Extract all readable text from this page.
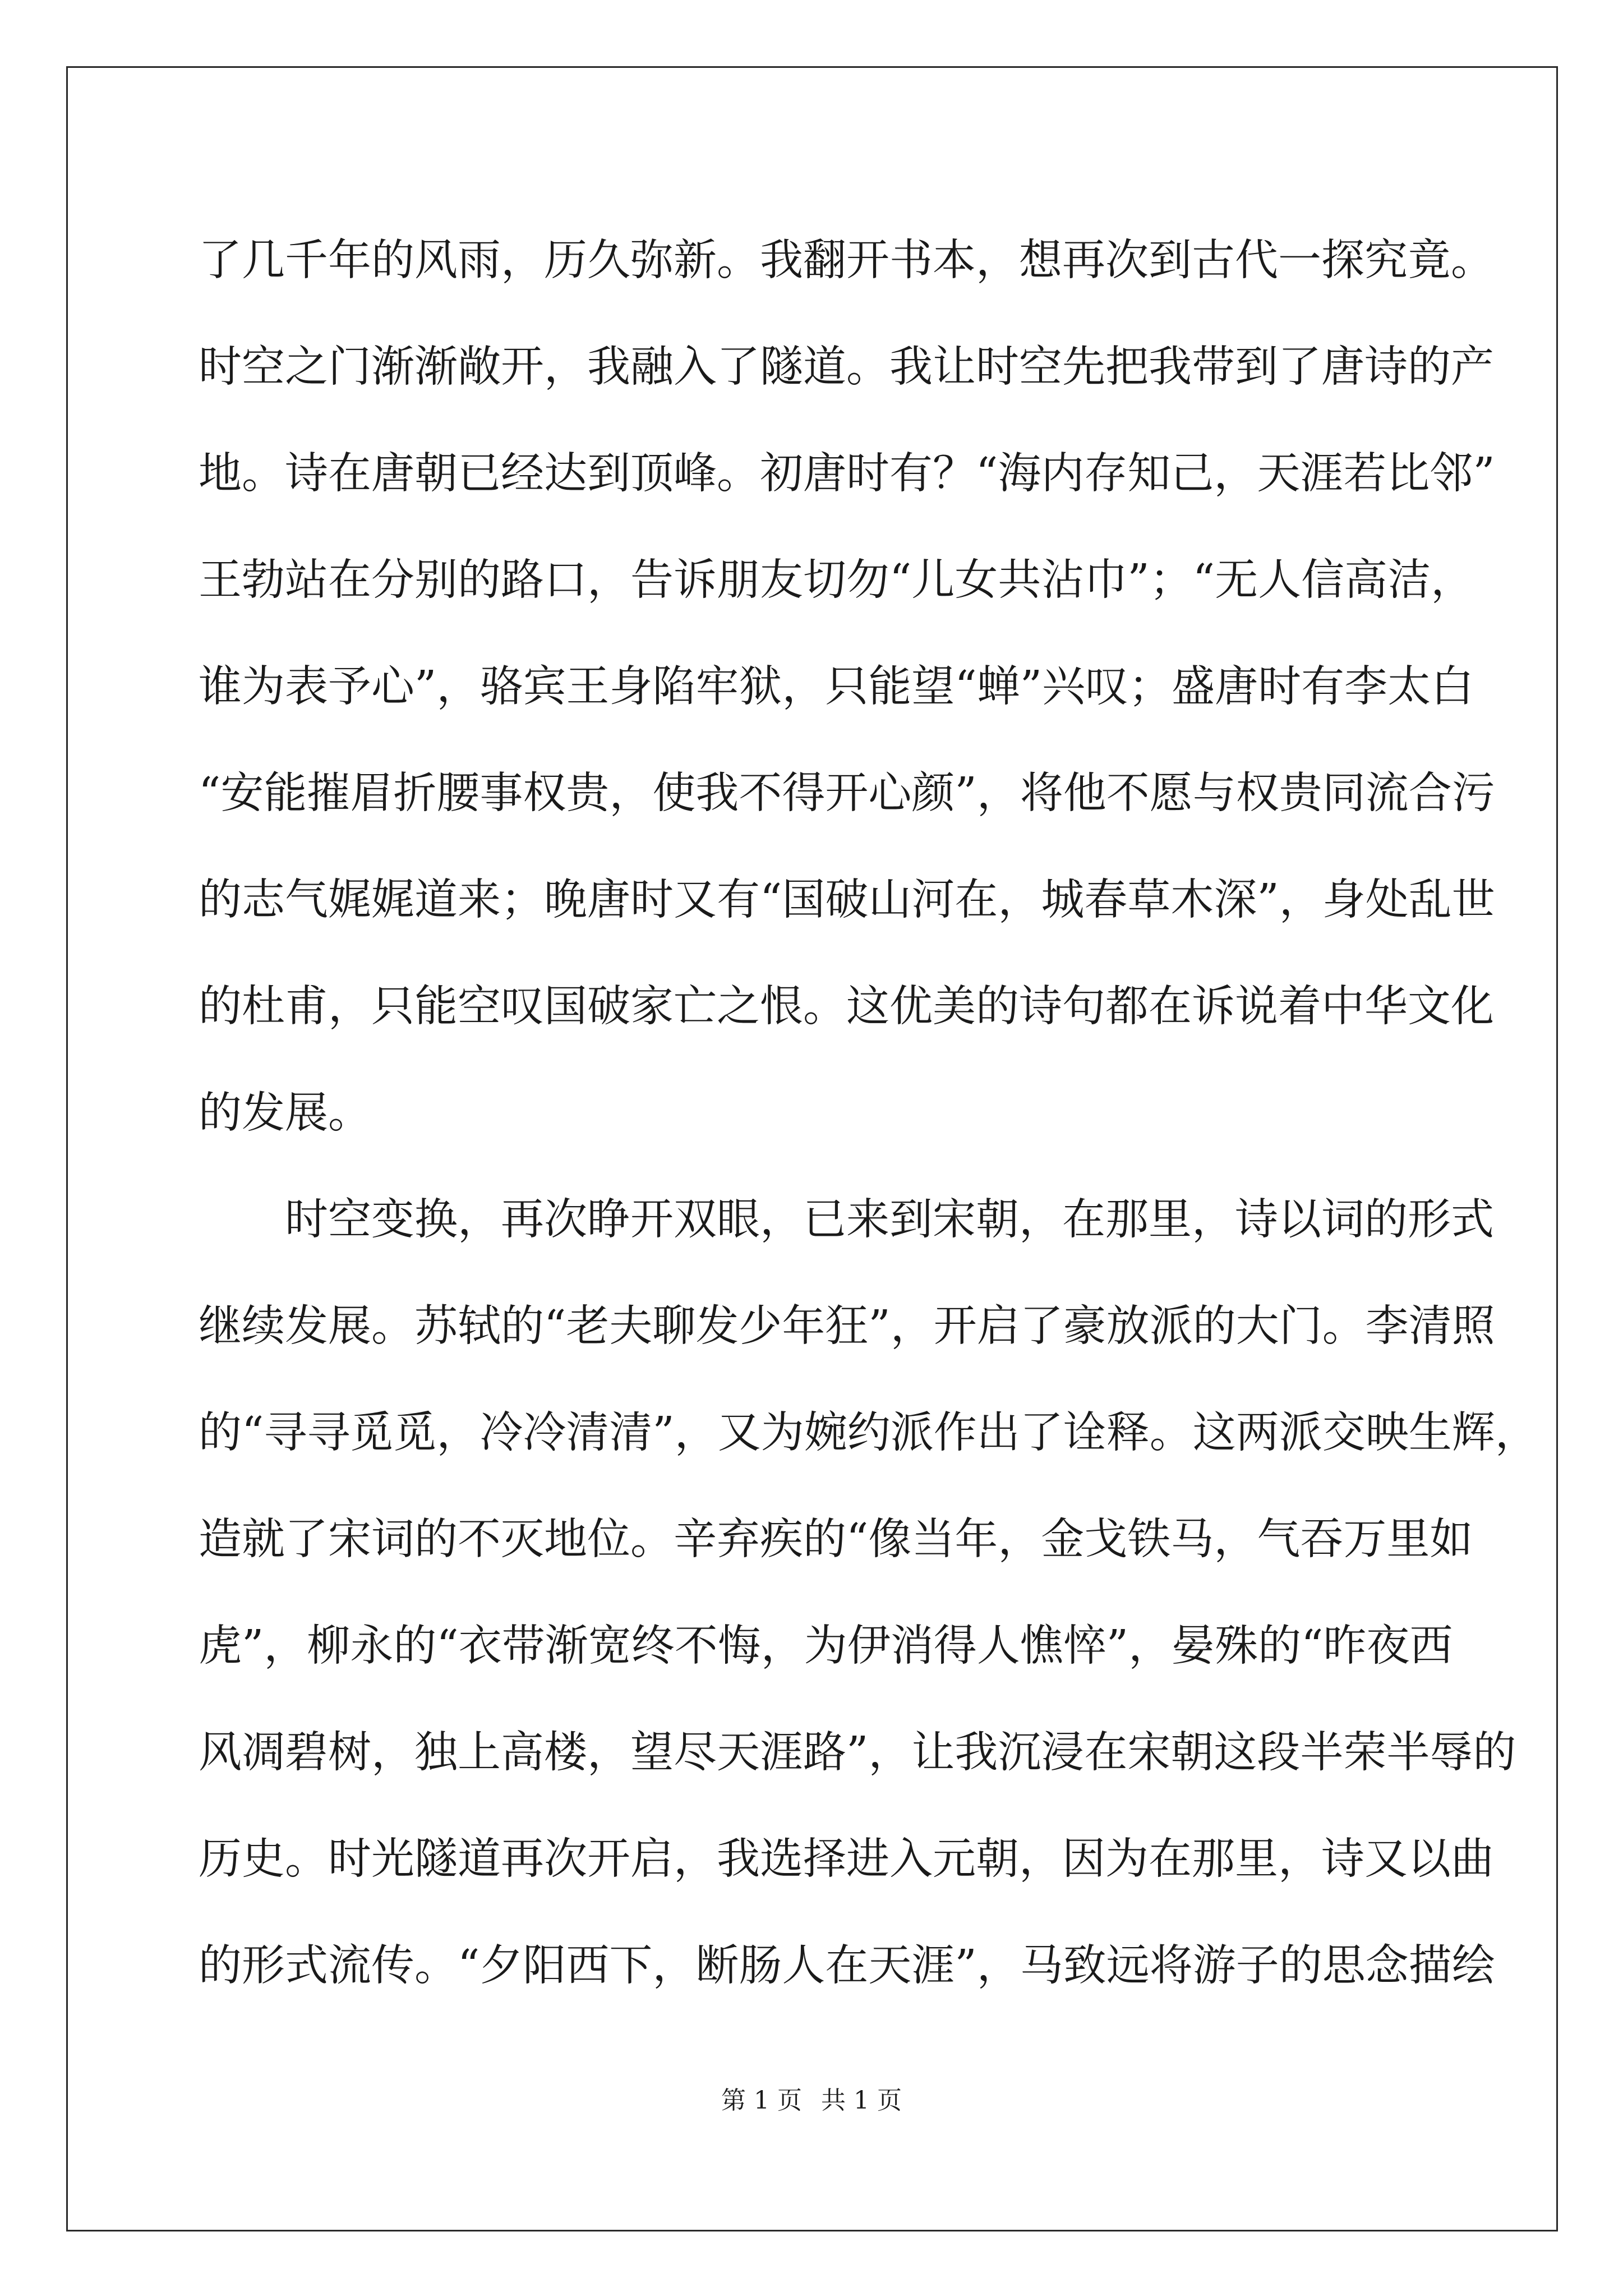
了几千年的风雨，历久弥新。我翻开书本，想再次到古代一探究竟。
时空之门渐渐敞开，我融入了隧道。我让时空先把我带到了唐诗的产
地。诗在唐朝已经达到顶峰。初唐时有？“海内存知己，天涯若比邻”
王勃站在分别的路口，告诉朋友切勿“儿女共沾巾”；“无人信高洁，
谁为表予心”，骆宾王身陷牢狱，只能望“蝉”兴叹；盛唐时有李太白
“安能摧眉折腰事权贵，使我不得开心颜”，将他不愿与权贵同流合污
的志气娓娓道来；晚唐时又有“国破山河在，城春草木深”，身处乱世
的杜甫，只能空叹国破家亡之恨。这优美的诗句都在诉说着中华文化
的发展。
时空变换，再次睁开双眼，已来到宋朝，在那里，诗以词的形式
继续发展。苏轼的“老夫聊发少年狂”，开启了豪放派的大门。李清照
的“寻寻觅觅，冷冷清清”，又为婉约派作出了诠释。这两派交映生辉，
造就了宋词的不灭地位。辛弃疾的“像当年，金戈铁马，气吞万里如
虎”，柳永的“衣带渐宽终不悔，为伊消得人憔悴”，晏殊的“昨夜西
风凋碧树，独上高楼，望尽天涯路”，让我沉浸在宋朝这段半荣半辱的
历史。时光隧道再次开启，我选择进入元朝，因为在那里，诗又以曲
的形式流传。“夕阳西下，断肠人在天涯”，马致远将游子的思念描绘
第 1 页 共 1 页
